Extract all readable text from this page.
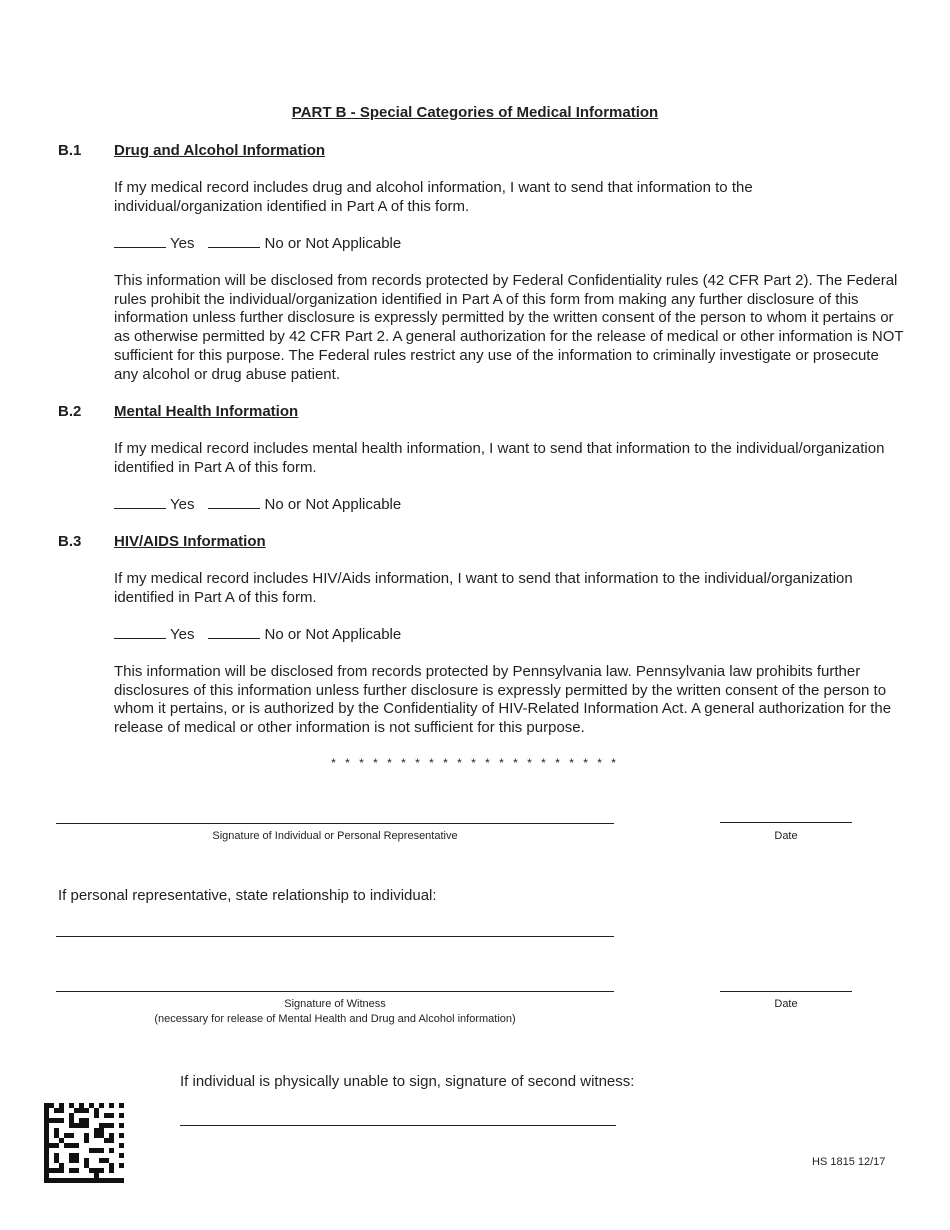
PART B - Special Categories of Medical Information
B.1 Drug and Alcohol Information
If my medical record includes drug and alcohol information, I want to send that information to the individual/organization identified in Part A of this form.
Yes	No or Not Applicable
This information will be disclosed from records protected by Federal Confidentiality rules (42 CFR Part 2). The Federal rules prohibit the individual/organization identified in Part A of this form from making any further disclosure of this information unless further disclosure is expressly permitted by the written consent of the person to whom it pertains or as otherwise permitted by 42 CFR Part 2. A general authorization for the release of medical or other information is NOT sufficient for this purpose. The Federal rules restrict any use of the information to criminally investigate or prosecute any alcohol or drug abuse patient.
B.2 Mental Health Information
If my medical record includes mental health information, I want to send that information to the individual/organization identified in Part A of this form.
Yes	No or Not Applicable
B.3 HIV/AIDS Information
If my medical record includes HIV/Aids information, I want to send that information to the individual/organization identified in Part A of this form.
Yes	No or Not Applicable
This information will be disclosed from records protected by Pennsylvania law. Pennsylvania law prohibits further disclosures of this information unless further disclosure is expressly permitted by the written consent of the person to whom it pertains, or is authorized by the Confidentiality of HIV-Related Information Act. A general authorization for the release of medical or other information is not sufficient for this purpose.
* * * * * * * * * * * * * * * * * * * * *
Signature of Individual or Personal Representative	Date
If personal representative, state relationship to individual:
Signature of Witness
(necessary for release of Mental Health and Drug and Alcohol information)
Date
If individual is physically unable to sign, signature of second witness:
HS 1815 12/17
